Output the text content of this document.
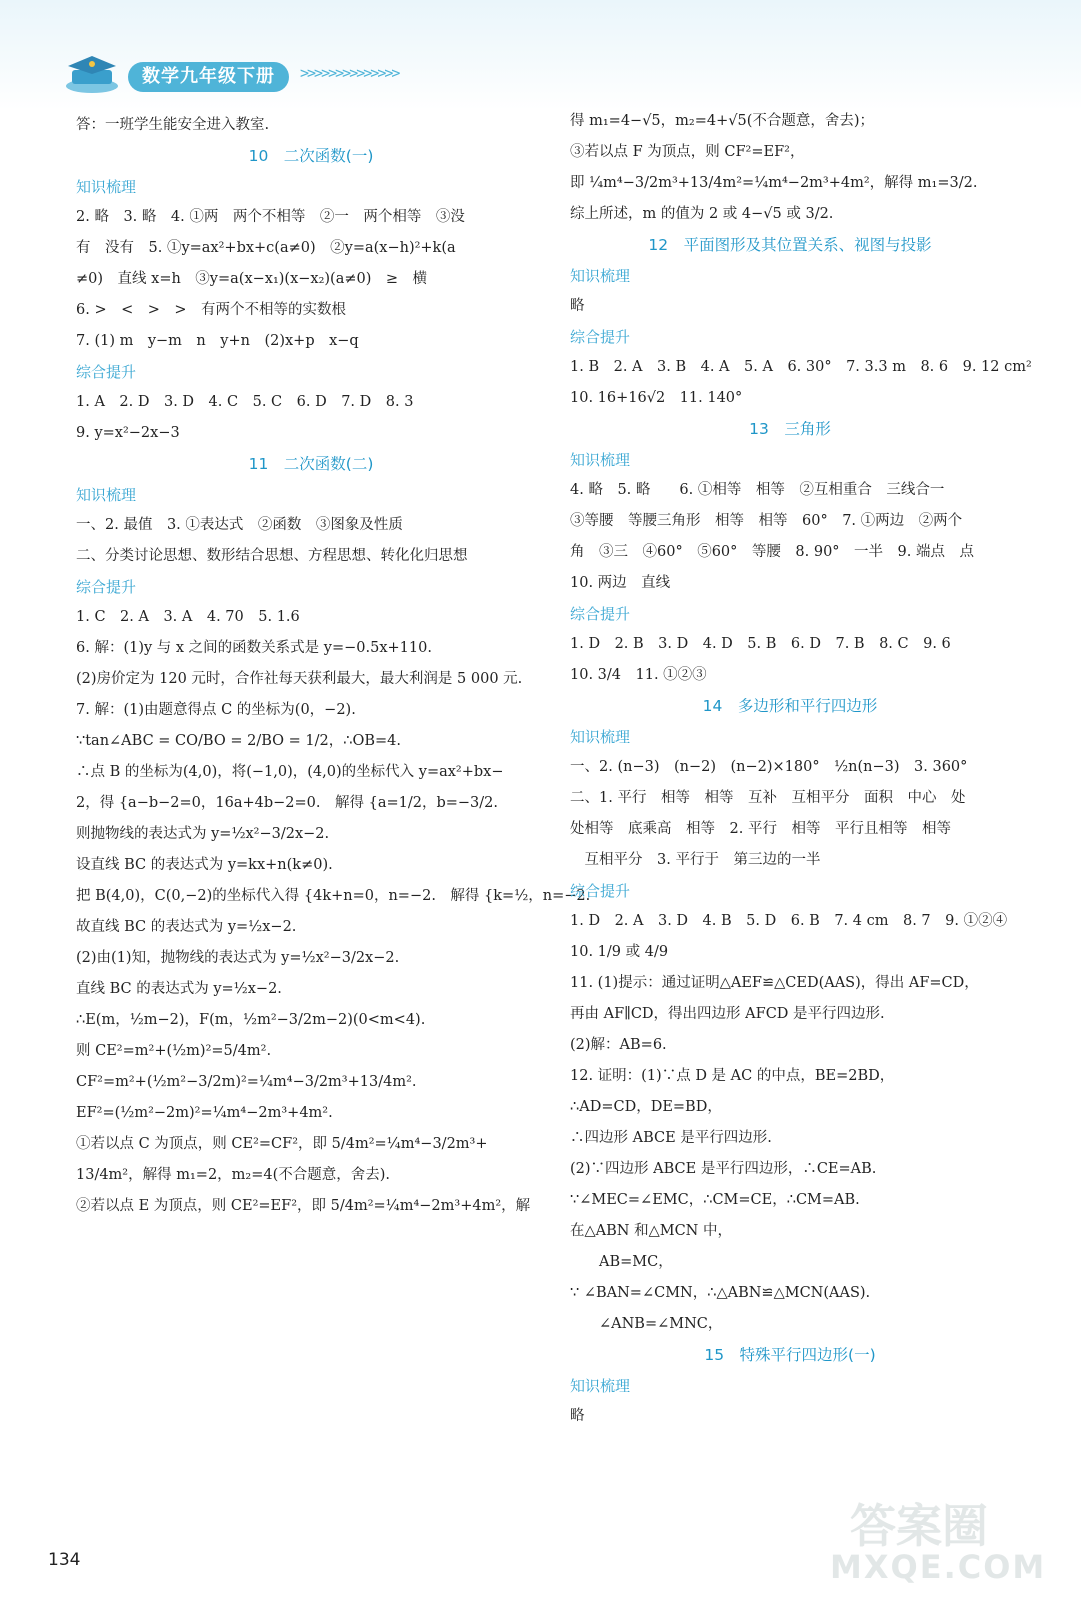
数学九年级下册	>>>>>>>>>>>>>>
答：一班学生能安全进入教室.
10　二次函数(一)
知识梳理
2. 略　3. 略　4. ①两　两个不相等　②一　两个相等　③没
有　没有　5. ①y=ax²+bx+c(a≠0)　②y=a(x−h)²+k(a
≠0)　直线 x=h　③y=a(x−x₁)(x−x₂)(a≠0)　≥　横
6. >　<　>　>　有两个不相等的实数根
7. (1) m　y−m　n　y+n　(2)x+p　x−q
综合提升
1. A　2. D　3. D　4. C　5. C　6. D　7. D　8. 3
9. y=x²−2x−3
11　二次函数(二)
知识梳理
一、2. 最值　3. ①表达式　②函数　③图象及性质
二、分类讨论思想、数形结合思想、方程思想、转化化归思想
综合提升
1. C　2. A　3. A　4. 70　5. 1.6
6. 解：(1)y 与 x 之间的函数关系式是 y=−0.5x+110.
(2)房价定为 120 元时，合作社每天获利最大，最大利润是 5 000 元.
7. 解：(1)由题意得点 C 的坐标为(0，−2).
∵tan∠ABC = CO/BO = 2/BO = 1/2，∴OB=4.
∴点 B 的坐标为(4,0)，将(−1,0)，(4,0)的坐标代入 y=ax²+bx−
2，得 {a−b−2=0，16a+4b−2=0.　解得 {a=1/2，b=−3/2.
则抛物线的表达式为 y=½x²−3/2x−2.
设直线 BC 的表达式为 y=kx+n(k≠0).
把 B(4,0)，C(0,−2)的坐标代入得 {4k+n=0，n=−2.　解得 {k=½，n=−2.
故直线 BC 的表达式为 y=½x−2.
(2)由(1)知，抛物线的表达式为 y=½x²−3/2x−2.
直线 BC 的表达式为 y=½x−2.
∴E(m，½m−2)，F(m，½m²−3/2m−2)(0<m<4).
则 CE²=m²+(½m)²=5/4m².
CF²=m²+(½m²−3/2m)²=¼m⁴−3/2m³+13/4m².
EF²=(½m²−2m)²=¼m⁴−2m³+4m².
①若以点 C 为顶点，则 CE²=CF²，即 5/4m²=¼m⁴−3/2m³+
13/4m²，解得 m₁=2，m₂=4(不合题意，舍去).
②若以点 E 为顶点，则 CE²=EF²，即 5/4m²=¼m⁴−2m³+4m²，解
得 m₁=4−√5，m₂=4+√5(不合题意，舍去)；
③若以点 F 为顶点，则 CF²=EF²，
即 ¼m⁴−3/2m³+13/4m²=¼m⁴−2m³+4m²，解得 m₁=3/2.
综上所述，m 的值为 2 或 4−√5 或 3/2.
12　平面图形及其位置关系、视图与投影
知识梳理
略
综合提升
1. B　2. A　3. B　4. A　5. A　6. 30°　7. 3.3 m　8. 6　9. 12 cm²
10. 16+16√2　11. 140°
13　三角形
知识梳理
4. 略　5. 略　　6. ①相等　相等　②互相重合　三线合一
③等腰　等腰三角形　相等　相等　60°　7. ①两边　②两个
角　③三　④60°　⑤60°　等腰　8. 90°　一半　9. 端点　点
10. 两边　直线
综合提升
1. D　2. B　3. D　4. D　5. B　6. D　7. B　8. C　9. 6
10. 3/4　11. ①②③
14　多边形和平行四边形
知识梳理
一、2. (n−3)　(n−2)　(n−2)×180°　½n(n−3)　3. 360°
二、1. 平行　相等　相等　互补　互相平分　面积　中心　处
处相等　底乘高　相等　2. 平行　相等　平行且相等　相等
　互相平分　3. 平行于　第三边的一半
综合提升
1. D　2. A　3. D　4. B　5. D　6. B　7. 4 cm　8. 7　9. ①②④
10. 1/9 或 4/9
11. (1)提示：通过证明△AEF≌△CED(AAS)，得出 AF=CD，
再由 AF∥CD，得出四边形 AFCD 是平行四边形.
(2)解：AB=6.
12. 证明：(1)∵点 D 是 AC 的中点，BE=2BD，
∴AD=CD，DE=BD，
∴四边形 ABCE 是平行四边形.
(2)∵四边形 ABCE 是平行四边形，∴CE=AB.
∵∠MEC=∠EMC，∴CM=CE，∴CM=AB.
在△ABN 和△MCN 中，
　　AB=MC，
∵ ∠BAN=∠CMN，∴△ABN≌△MCN(AAS).
　　∠ANB=∠MNC，
15　特殊平行四边形(一)
知识梳理
略
134
答案圈
MXQE.COM
